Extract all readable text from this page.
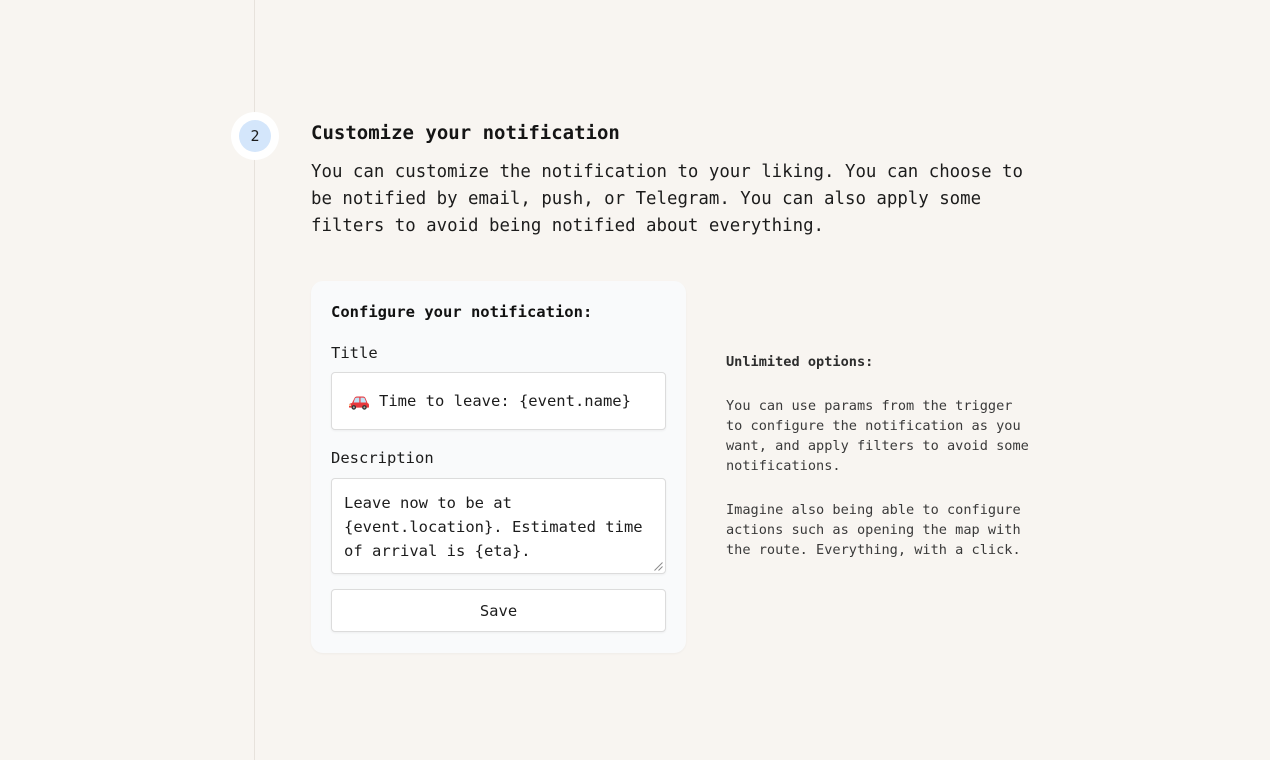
2	Customize your notification

You can customize the notification to your liking. You can choose to be notified by email, push, or Telegram. You can also apply some filters to avoid being notified about everything.

Configure your notification:
Title
Time to leave: {event.name}
Description
Leave now to be at {event.location}. Estimated time of arrival is {eta}.
Save

Unlimited options:

You can use params from the trigger to configure the notification as you want, and apply filters to avoid some notifications.

Imagine also being able to configure actions such as opening the map with the route. Everything, with a click.
